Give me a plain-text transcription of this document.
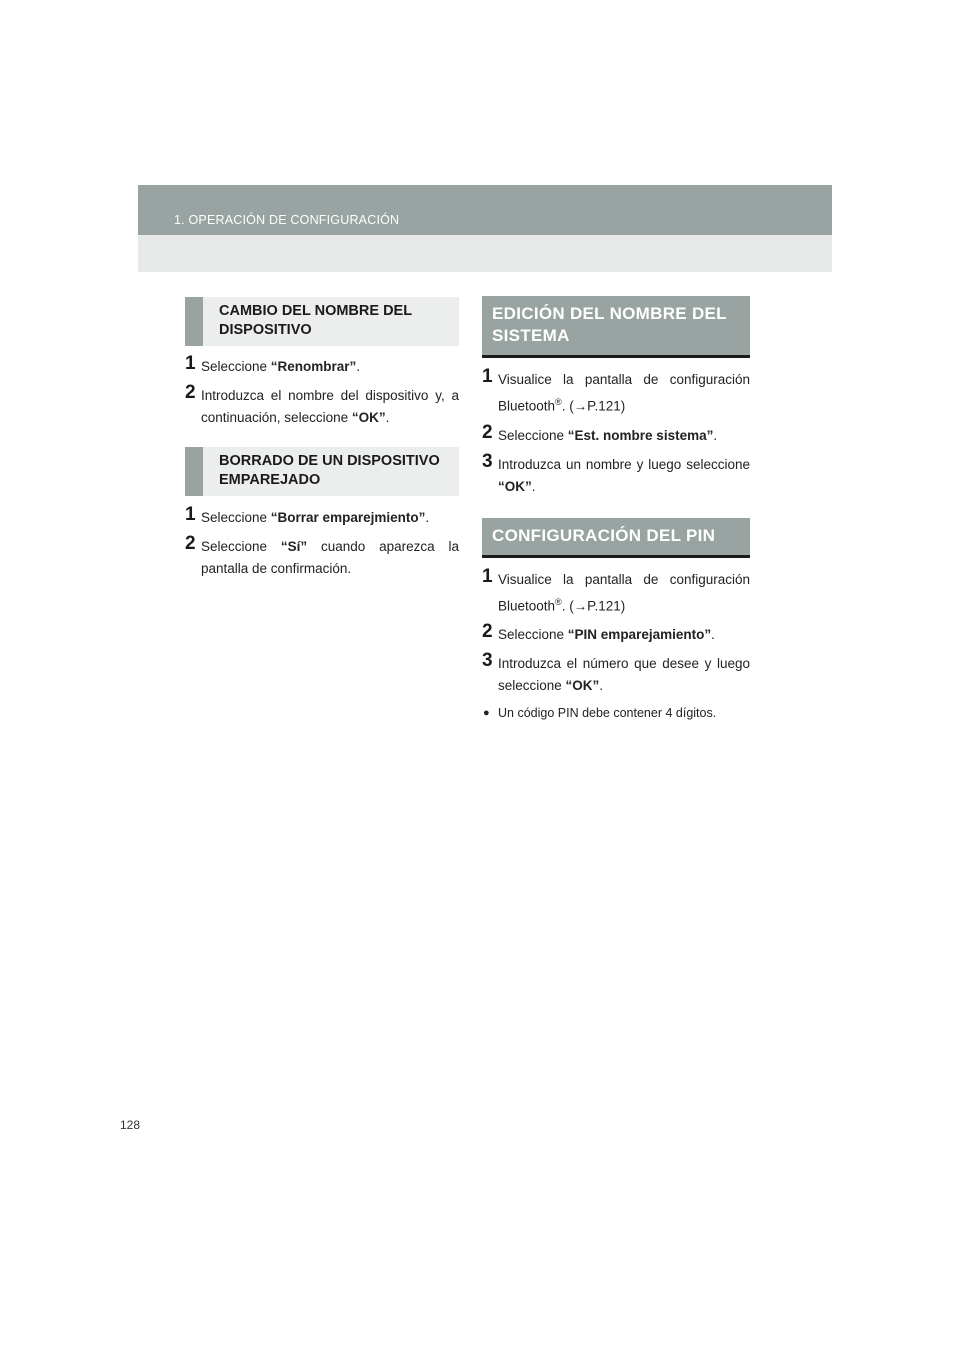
1. OPERACIÓN DE CONFIGURACIÓN
CAMBIO DEL NOMBRE DEL DISPOSITIVO
1 Seleccione “Renombrar”.
2 Introduzca el nombre del dispositivo y, a continuación, seleccione “OK”.
BORRADO DE UN DISPOSITIVO EMPAREJADO
1 Seleccione “Borrar emparejmiento”.
2 Seleccione “Sí” cuando aparezca la pantalla de confirmación.
EDICIÓN DEL NOMBRE DEL SISTEMA
1 Visualice la pantalla de configuración Bluetooth®. (→P.121)
2 Seleccione “Est. nombre sistema”.
3 Introduzca un nombre y luego seleccione “OK”.
CONFIGURACIÓN DEL PIN
1 Visualice la pantalla de configuración Bluetooth®. (→P.121)
2 Seleccione “PIN emparejamiento”.
3 Introduzca el número que desee y luego seleccione “OK”.
● Un código PIN debe contener 4 dígitos.
128
